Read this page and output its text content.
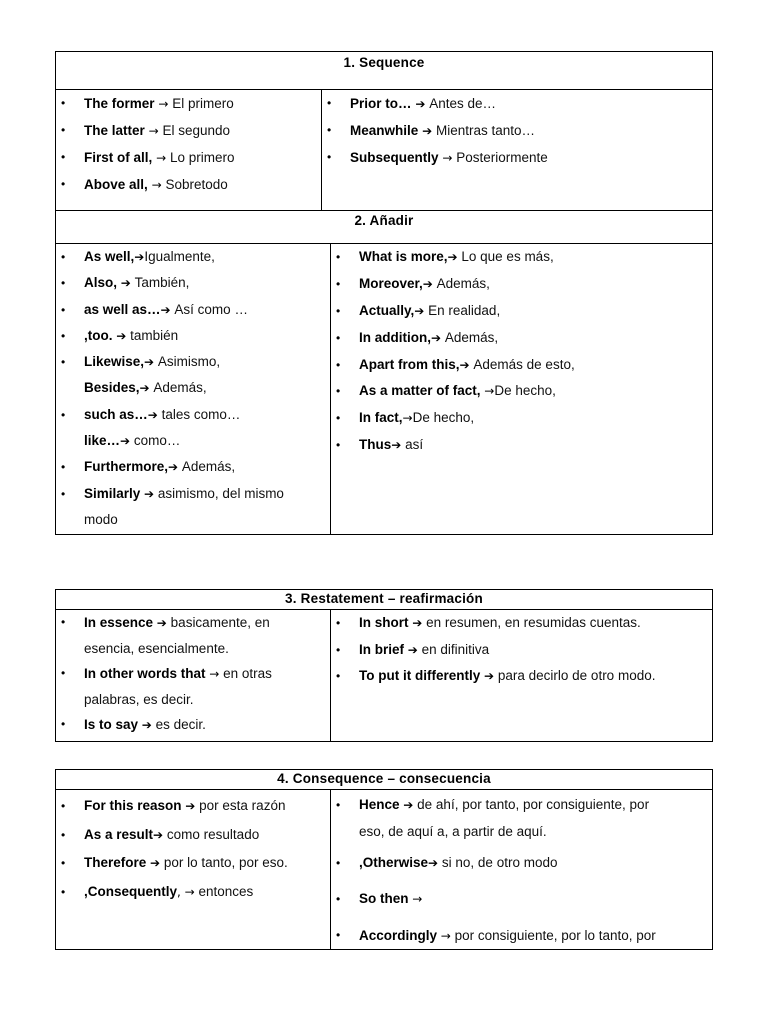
1. Sequence
• The former → El primero
• The latter → El segundo
• First of all, → Lo primero
• Above all, → Sobretodo
• Prior to… ➔ Antes de…
• Meanwhile ➔ Mientras tanto…
• Subsequently → Posteriormente
2. Añadir
• As well,➔Igualmente,
• Also, ➔ También,
• as well as…➔ Así como …
• ,too. ➔ también
• Likewise,➔ Asimismo,
Besides,➔ Además,
• such as…➔ tales como…
like…➔ como…
• Furthermore,➔ Además,
• Similarly ➔ asimismo, del mismo
modo
• What is more,➔ Lo que es más,
• Moreover,➔ Además,
• Actually,➔ En realidad,
• In addition,➔ Además,
• Apart from this,➔ Además de esto,
• As a matter of fact, →De hecho,
• In fact,→De hecho,
• Thus➔ así
3. Restatement – reafirmación
• In essence ➔ basicamente, en
esencia, esencialmente.
• In other words that → en otras
palabras, es decir.
• Is to say ➔ es decir.
• In short ➔ en resumen, en resumidas cuentas.
• In brief ➔ en difinitiva
• To put it differently ➔ para decirlo de otro modo.
4. Consequence – consecuencia
• For this reason ➔ por esta razón
• As a result➔ como resultado
• Therefore ➔ por lo tanto, por eso.
• ,Consequently, → entonces
• Hence ➔ de ahí, por tanto, por consiguiente, por
eso, de aquí a, a partir de aquí.
• ,Otherwise➔ si no, de otro modo
• So then →
• Accordingly → por consiguiente, por lo tanto, por
